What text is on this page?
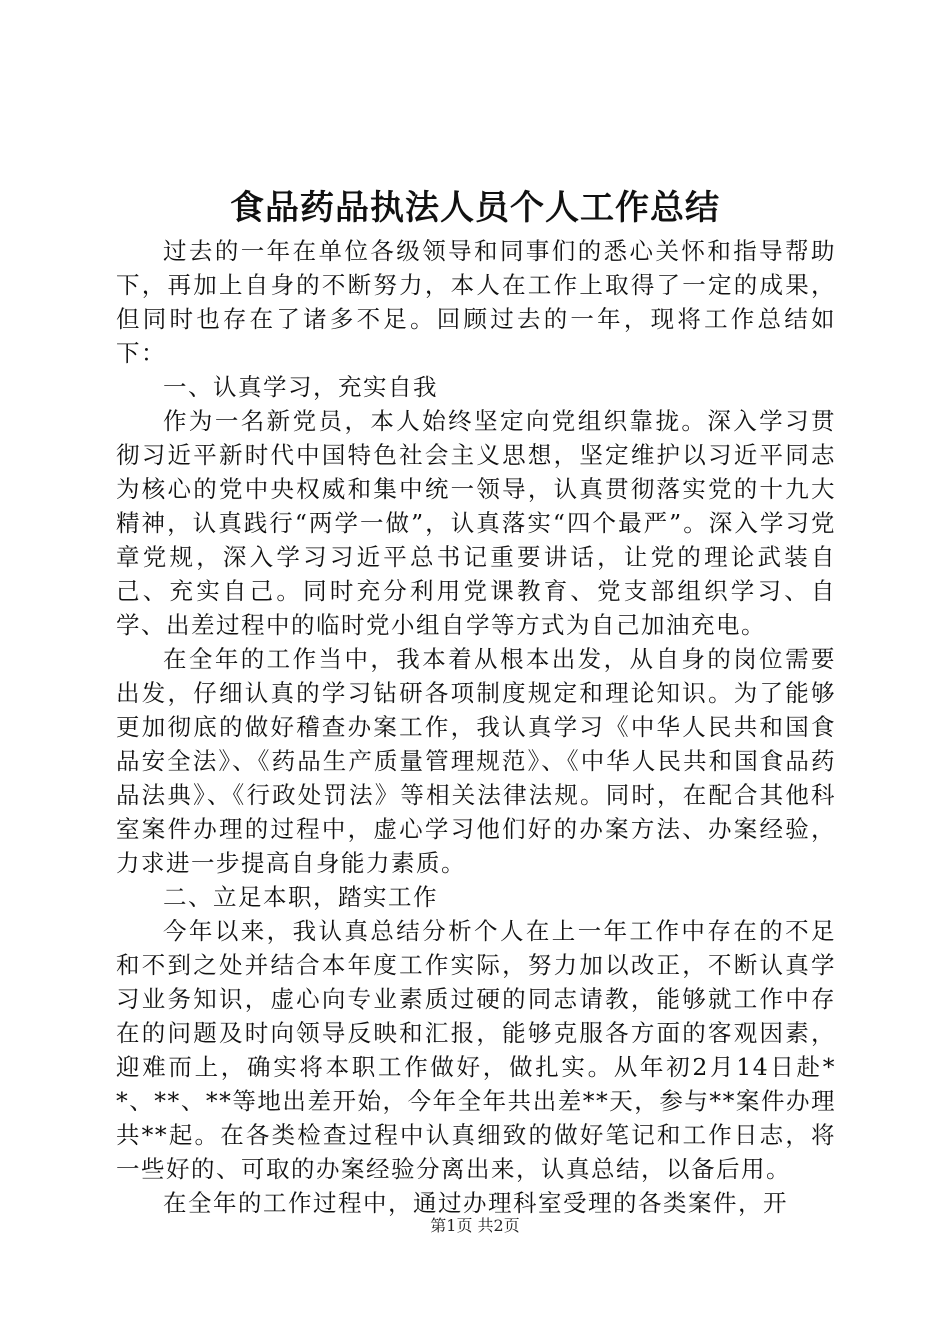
食品药品执法人员个人工作总结

过去的一年在单位各级领导和同事们的悉心关怀和指导帮助下，再加上自身的不断努力，本人在工作上取得了一定的成果，但同时也存在了诸多不足。回顾过去的一年，现将工作总结如下：

一、认真学习，充实自我

作为一名新党员，本人始终坚定向党组织靠拢。深入学习贯彻习近平新时代中国特色社会主义思想，坚定维护以习近平同志为核心的党中央权威和集中统一领导，认真贯彻落实党的十九大精神，认真践行“两学一做”，认真落实“四个最严”。深入学习党章党规，深入学习习近平总书记重要讲话，让党的理论武装自己、充实自己。同时充分利用党课教育、党支部组织学习、自学、出差过程中的临时党小组自学等方式为自己加油充电。

在全年的工作当中，我本着从根本出发，从自身的岗位需要出发，仔细认真的学习钻研各项制度规定和理论知识。为了能够更加彻底的做好稽查办案工作，我认真学习《中华人民共和国食品安全法》、《药品生产质量管理规范》、《中华人民共和国食品药品法典》、《行政处罚法》等相关法律法规。同时，在配合其他科室案件办理的过程中，虚心学习他们好的办案方法、办案经验，力求进一步提高自身能力素质。

二、立足本职，踏实工作

今年以来，我认真总结分析个人在上一年工作中存在的不足和不到之处并结合本年度工作实际，努力加以改正，不断认真学习业务知识，虚心向专业素质过硬的同志请教，能够就工作中存在的问题及时向领导反映和汇报，能够克服各方面的客观因素，迎难而上，确实将本职工作做好，做扎实。从年初2月14日赴**、**、**等地出差开始，今年全年共出差**天，参与**案件办理共**起。在各类检查过程中认真细致的做好笔记和工作日志，将一些好的、可取的办案经验分离出来，认真总结，以备后用。

在全年的工作过程中，通过办理科室受理的各类案件，开

第1页 共2页
